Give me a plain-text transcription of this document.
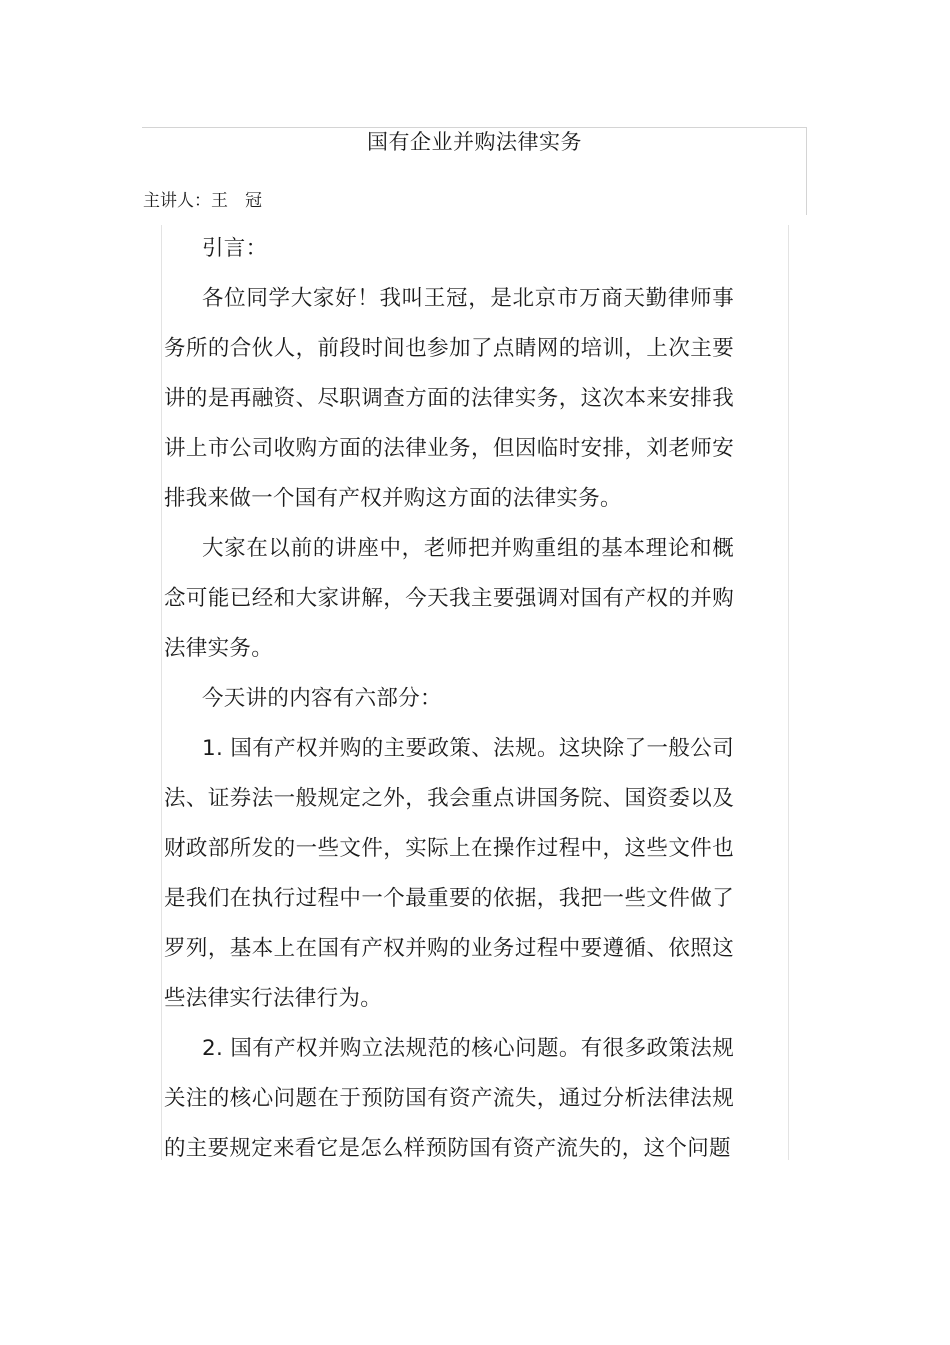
国有企业并购法律实务
主讲人：王　冠

引言：

各位同学大家好！我叫王冠，是北京市万商天勤律师事务所的合伙人，前段时间也参加了点睛网的培训，上次主要讲的是再融资、尽职调查方面的法律实务，这次本来安排我讲上市公司收购方面的法律业务，但因临时安排，刘老师安排我来做一个国有产权并购这方面的法律实务。

大家在以前的讲座中，老师把并购重组的基本理论和概念可能已经和大家讲解，今天我主要强调对国有产权的并购法律实务。

今天讲的内容有六部分：

1. 国有产权并购的主要政策、法规。这块除了一般公司法、证券法一般规定之外，我会重点讲国务院、国资委以及财政部所发的一些文件，实际上在操作过程中，这些文件也是我们在执行过程中一个最重要的依据，我把一些文件做了罗列，基本上在国有产权并购的业务过程中要遵循、依照这些法律实行法律行为。

2. 国有产权并购立法规范的核心问题。有很多政策法规关注的核心问题在于预防国有资产流失，通过分析法律法规的主要规定来看它是怎么样预防国有资产流失的，这个问题
